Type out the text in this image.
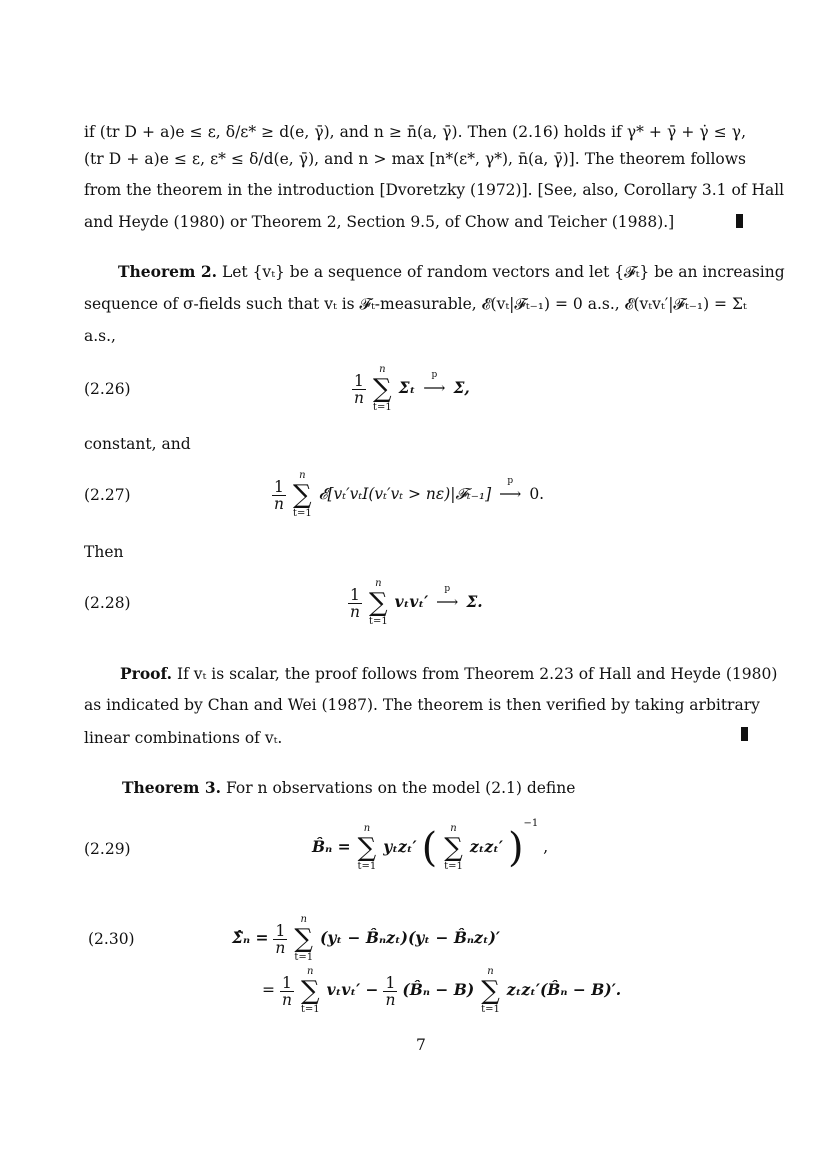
if (tr D + a)e ≤ ε, δ/ε* ≥ d(e, γ̄), and n ≥ n̄(a, γ̄). Then (2.16) holds if γ* + γ̄ + γ̇ ≤ γ,
(tr D + a)e ≤ ε, ε* ≤ δ/d(e, γ̄), and n > max [n*(ε*, γ*), n̄(a, γ̄)]. The theorem follows
from the theorem in the introduction [Dvoretzky (1972)]. [See, also, Corollary 3.1 of Hall
and Heyde (1980) or Theorem 2, Section 9.5, of Chow and Teicher (1988).]
Theorem 2. Let {vₜ} be a sequence of random vectors and let {𝓕ₜ} be an increasing
sequence of σ-fields such that vₜ is 𝓕ₜ-measurable, 𝓔(vₜ|𝓕ₜ₋₁) = 0 a.s., 𝓔(vₜvₜ′|𝓕ₜ₋₁) = Σₜ
a.s.,
(2.26)	$\frac{1}{n}$

n
∑
t=1
Σₜ
p
⟶ Σ,
constant, and
(2.27)	$\frac{1}{n}$

n
∑
t=1
𝓔[vₜ′vₜI(vₜ′vₜ > nε)|𝓕ₜ₋₁]
p
⟶ 0.
Then
(2.28)	$\frac{1}{n}$

n
∑
t=1
vₜvₜ′
p
⟶ Σ.
Proof. If vₜ is scalar, the proof follows from Theorem 2.23 of Hall and Heyde (1980)
as indicated by Chan and Wei (1987). The theorem is then verified by taking arbitrary
linear combinations of vₜ.
Theorem 3. For n observations on the model (2.1) define
(2.29)	B̂ₙ =
n
∑
t=1
yₜzₜ′ (	n
∑
t=1
zₜzₜ′ )$^{-1}$ ,
(2.30)	Σ̂ₙ = $\frac{1}{n}$

n
∑
t=1
(yₜ − B̂ₙzₜ)(yₜ − B̂ₙzₜ)′
= $\frac{1}{n}$

n
∑
t=1
$v_tv_t' - \frac{1}{n}$ (B̂ₙ − B)
n
∑
t=1
zₜzₜ′(B̂ₙ − B)′.
7
